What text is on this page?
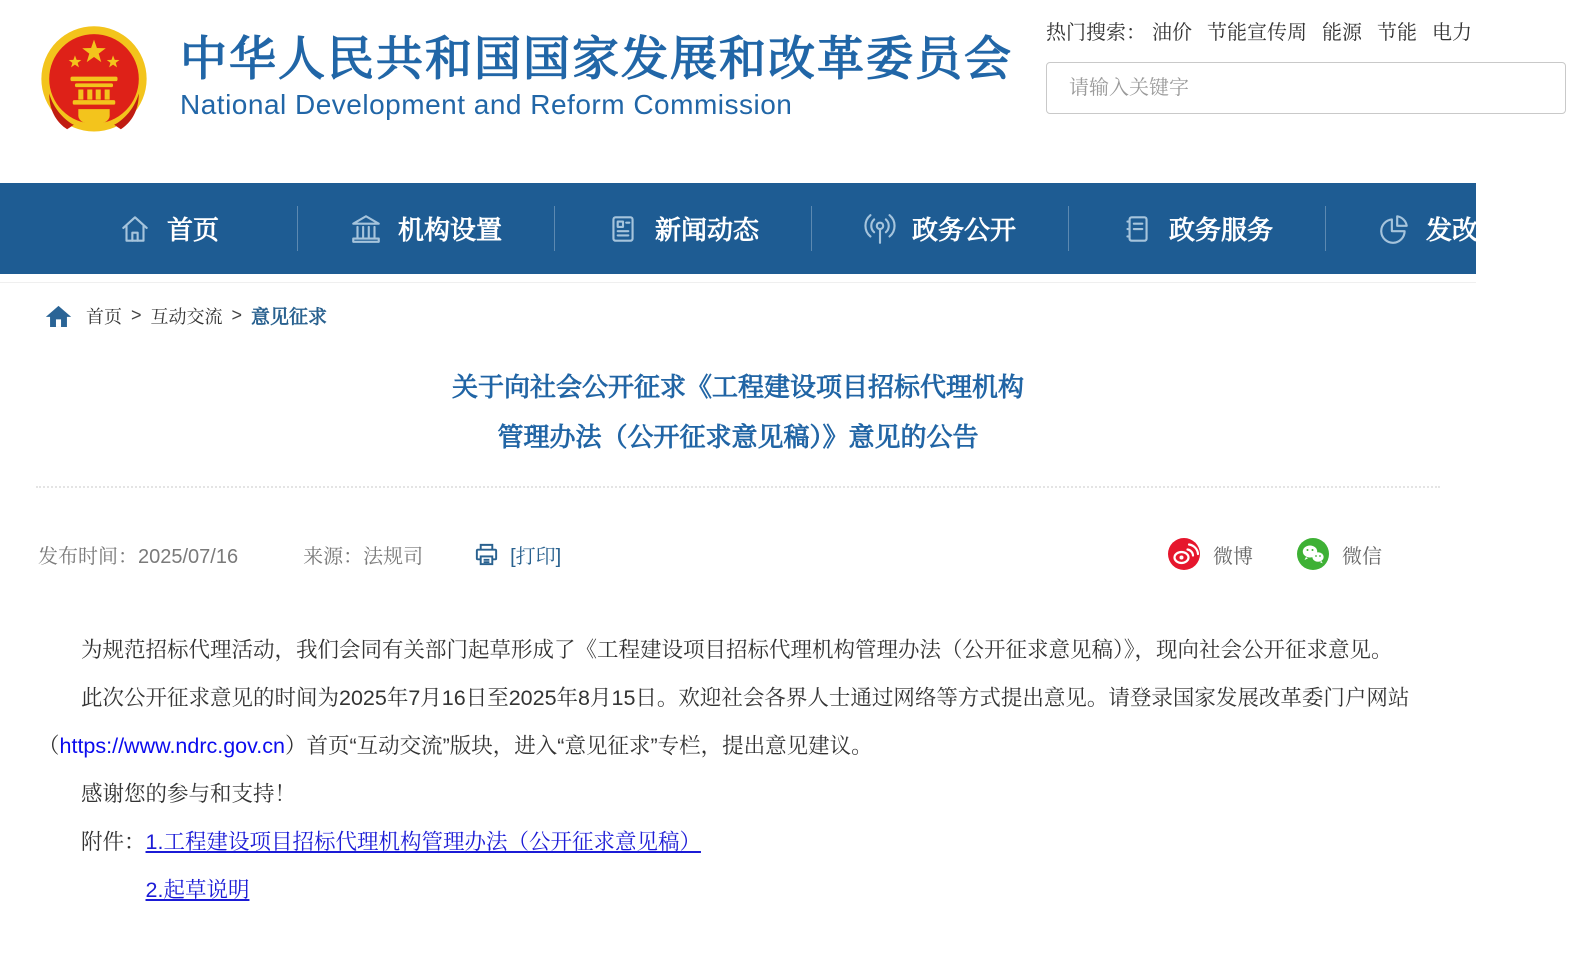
中华人民共和国国家发展和改革委员会
National Development and Reform Commission
热门搜索： 油价 节能宣传周 能源 节能 电力
请输入关键字
首页	机构设置	新闻动态	政务公开	政务服务	发改数据
首页 > 互动交流 > 意见征求
关于向社会公开征求《工程建设项目招标代理机构
管理办法（公开征求意见稿）》意见的公告
发布时间：2025/07/16	来源：法规司	[打印]	微博	微信

为规范招标代理活动，我们会同有关部门起草形成了《工程建设项目招标代理机构管理办法（公开征求意见稿）》，现向社会公开征求意见。

此次公开征求意见的时间为2025年7月16日至2025年8月15日。欢迎社会各界人士通过网络等方式提出意见。请登录国家发展改革委门户网站（https://www.ndrc.gov.cn）首页“互动交流”版块，进入“意见征求”专栏，提出意见建议。

感谢您的参与和支持！

附件： 1.工程建设项目招标代理机构管理办法（公开征求意见稿）
2.起草说明
